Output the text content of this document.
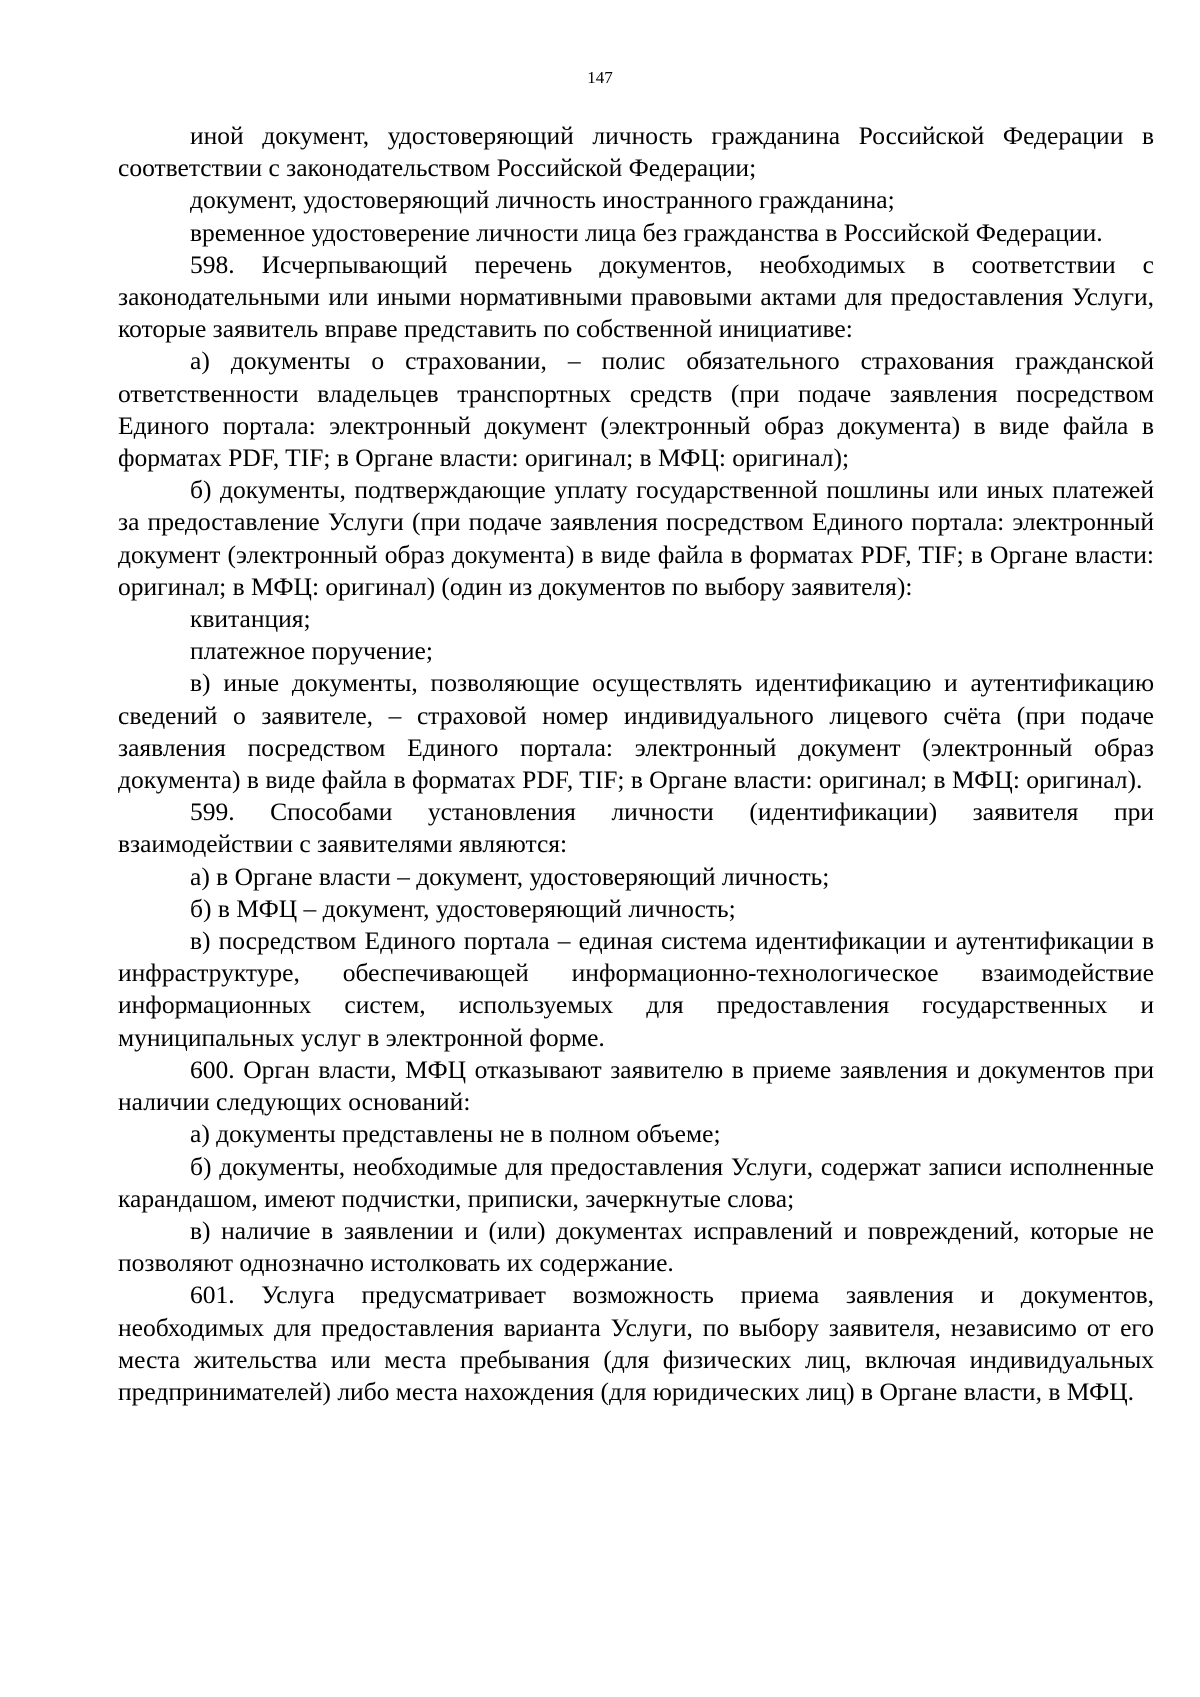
147

иной документ, удостоверяющий личность гражданина Российской Федерации в соответствии с законодательством Российской Федерации;

документ, удостоверяющий личность иностранного гражданина;

временное удостоверение личности лица без гражданства в Российской Федерации.

598. Исчерпывающий перечень документов, необходимых в соответствии с законодательными или иными нормативными правовыми актами для предоставления Услуги, которые заявитель вправе представить по собственной инициативе:

а) документы о страховании, – полис обязательного страхования гражданской ответственности владельцев транспортных средств (при подаче заявления посредством Единого портала: электронный документ (электронный образ документа) в виде файла в форматах PDF, TIF; в Органе власти: оригинал; в МФЦ: оригинал);

б) документы, подтверждающие уплату государственной пошлины или иных платежей за предоставление Услуги (при подаче заявления посредством Единого портала: электронный документ (электронный образ документа) в виде файла в форматах PDF, TIF; в Органе власти: оригинал; в МФЦ: оригинал) (один из документов по выбору заявителя):

квитанция;

платежное поручение;

в) иные документы, позволяющие осуществлять идентификацию и аутентификацию сведений о заявителе, – страховой номер индивидуального лицевого счёта (при подаче заявления посредством Единого портала: электронный документ (электронный образ документа) в виде файла в форматах PDF, TIF; в Органе власти: оригинал; в МФЦ: оригинал).

599. Способами установления личности (идентификации) заявителя при взаимодействии с заявителями являются:

а) в Органе власти – документ, удостоверяющий личность;

б) в МФЦ – документ, удостоверяющий личность;

в) посредством Единого портала – единая система идентификации и аутентификации в инфраструктуре, обеспечивающей информационно-технологическое взаимодействие информационных систем, используемых для предоставления государственных и муниципальных услуг в электронной форме.

600. Орган власти, МФЦ отказывают заявителю в приеме заявления и документов при наличии следующих оснований:

а) документы представлены не в полном объеме;

б) документы, необходимые для предоставления Услуги, содержат записи исполненные карандашом, имеют подчистки, приписки, зачеркнутые слова;

в) наличие в заявлении и (или) документах исправлений и повреждений, которые не позволяют однозначно истолковать их содержание.

601. Услуга предусматривает возможность приема заявления и документов, необходимых для предоставления варианта Услуги, по выбору заявителя, независимо от его места жительства или места пребывания (для физических лиц, включая индивидуальных предпринимателей) либо места нахождения (для юридических лиц) в Органе власти, в МФЦ.
